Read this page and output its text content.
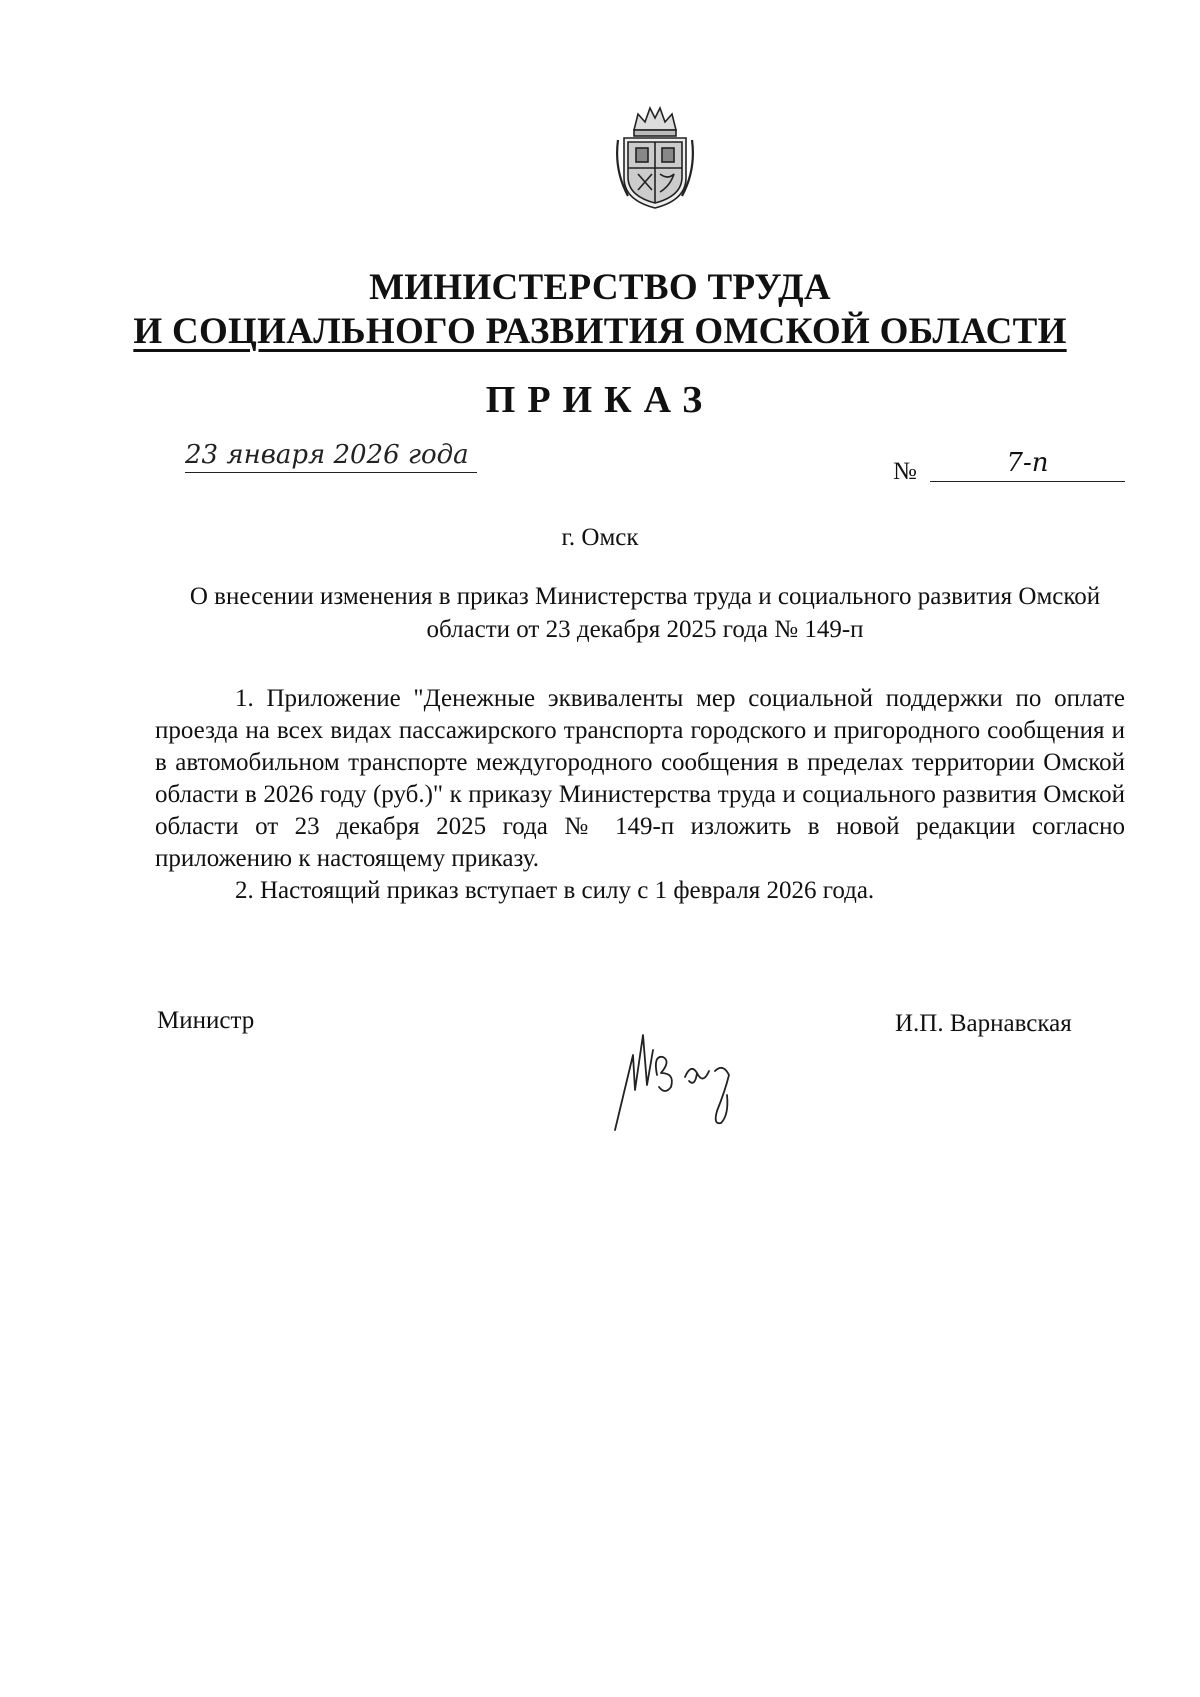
МИНИСТЕРСТВО ТРУДА
И СОЦИАЛЬНОГО РАЗВИТИЯ ОМСКОЙ ОБЛАСТИ
ПРИКАЗ
23 января 2026 года
№	7-п
г. Омск
О внесении изменения в приказ Министерства труда и социального развития Омской области от 23 декабря 2025 года № 149-п

1. Приложение "Денежные эквиваленты мер социальной поддержки по оплате проезда на всех видах пассажирского транспорта городского и пригородного сообщения и в автомобильном транспорте междугородного сообщения в пределах территории Омской области в 2026 году (руб.)" к приказу Министерства труда и социального развития Омской области от 23 декабря 2025 года № 149-п изложить в новой редакции согласно приложению к настоящему приказу.

2. Настоящий приказ вступает в силу с 1 февраля 2026 года.

Министр	И.П. Варнавская
